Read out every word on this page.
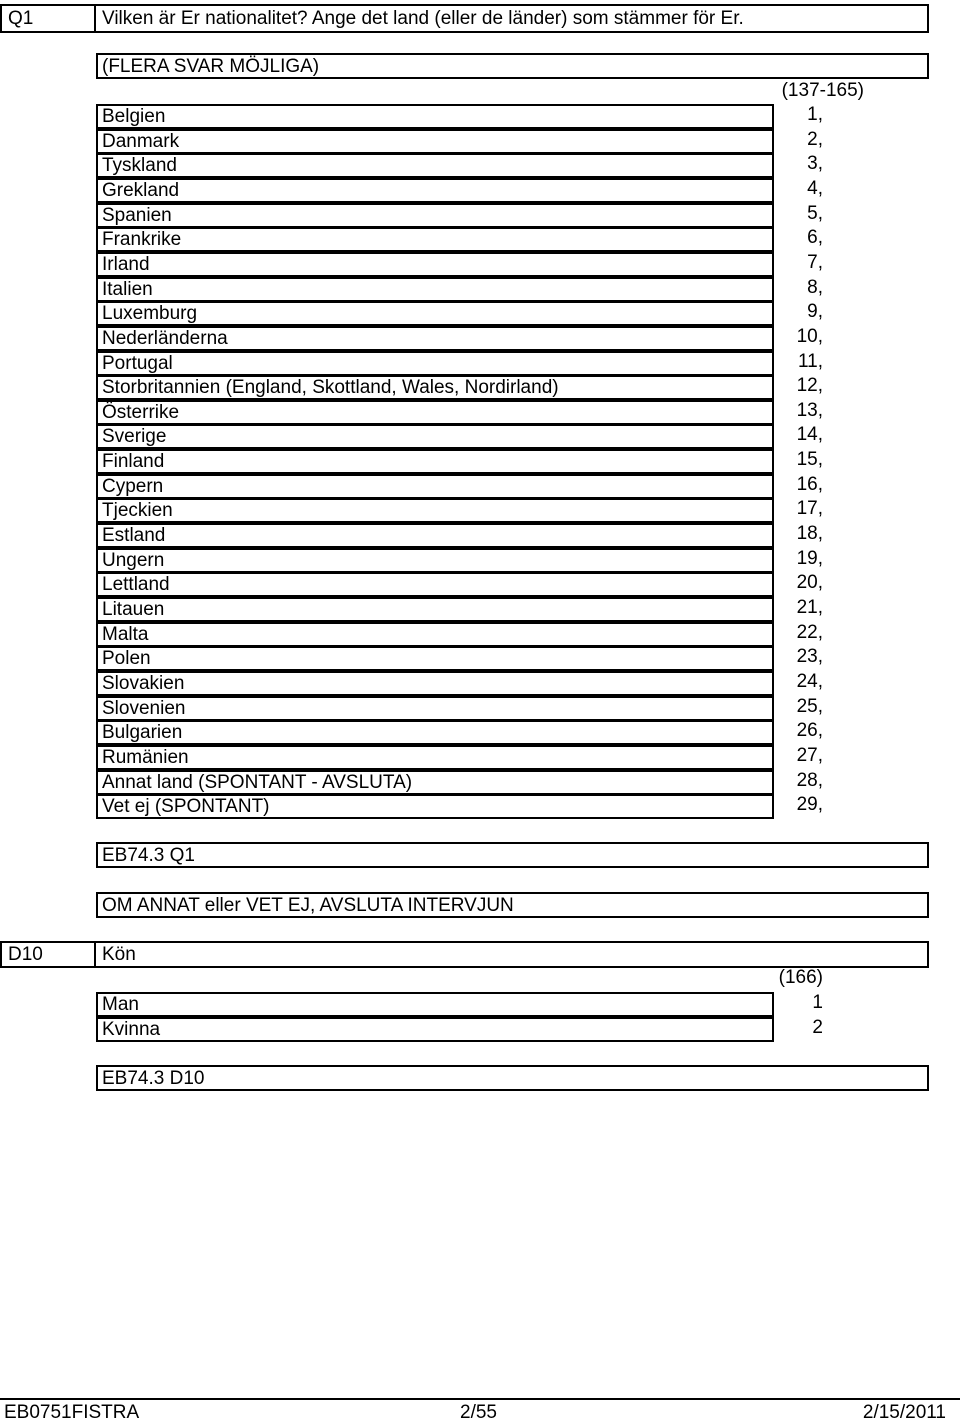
Q1	Vilken är Er nationalitet? Ange det land (eller de länder) som stämmer för Er.
(FLERA SVAR MÖJLIGA)
(137-165)
Belgien	1,
Danmark	2,
Tyskland	3,
Grekland	4,
Spanien	5,
Frankrike	6,
Irland	7,
Italien	8,
Luxemburg	9,
Nederländerna	10,
Portugal	11,
Storbritannien (England, Skottland, Wales, Nordirland)	12,
Österrike	13,
Sverige	14,
Finland	15,
Cypern	16,
Tjeckien	17,
Estland	18,
Ungern	19,
Lettland	20,
Litauen	21,
Malta	22,
Polen	23,
Slovakien	24,
Slovenien	25,
Bulgarien	26,
Rumänien	27,
Annat land (SPONTANT - AVSLUTA)	28,
Vet ej (SPONTANT)	29,
EB74.3 Q1
OM ANNAT eller VET EJ, AVSLUTA INTERVJUN
D10	Kön
(166)
Man	1
Kvinna	2
EB74.3 D10
EB0751FISTRA	2/55	2/15/2011
